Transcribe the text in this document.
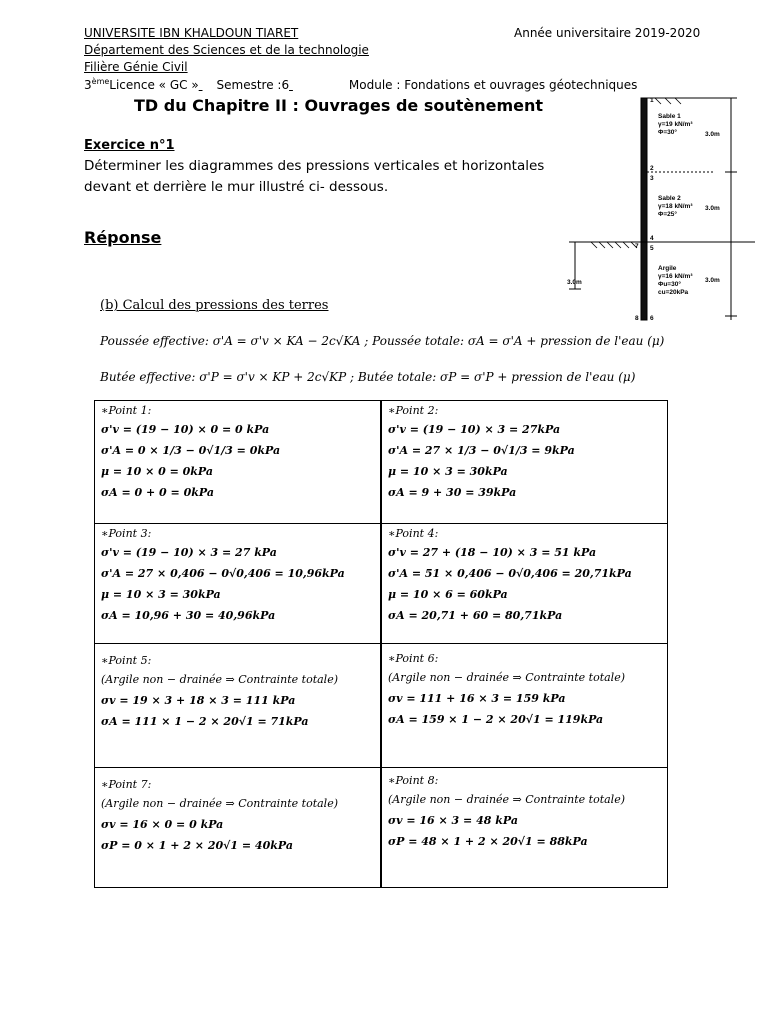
UNIVERSITE IBN KHALDOUN TIARET	Année universitaire 2019-2020
Département des Sciences et de la technologie
Filière Génie Civil
3èmeLicence « GC » Semestre :6	Module : Fondations et ouvrages géotechniques
TD du Chapitre II : Ouvrages de soutènement
Exercice n°1
Déterminer les diagrammes des pressions verticales et horizontales devant et derrière le mur illustré ci- dessous.
Réponse
Sable 1
γ=19 kN/m³
Φ=30°	3.0m
Sable 2
γ=18 kN/m³
Φ=25°
3.0m
Argile
γ=16 kN/m³
Φu=30°
cu=20kPa
3.0m
3.0m
1
2
3
4
5
6
7
8
(b) Calcul des pressions des terres
Poussée effective: σ'A = σ'v × KA − 2c√KA ; Poussée totale: σA = σ'A + pression de l'eau (μ)
Butée effective: σ'P = σ'v × KP + 2c√KP ; Butée totale: σP = σ'P + pression de l'eau (μ)
∗Point 1:
σ'v = (19 − 10) × 0 = 0 kPa
σ'A = 0 × 1/3 − 0√1/3 = 0kPa
μ = 10 × 0 = 0kPa
σA = 0 + 0 = 0kPa
∗Point 2:
σ'v = (19 − 10) × 3 = 27kPa
σ'A = 27 × 1/3 − 0√1/3 = 9kPa
μ = 10 × 3 = 30kPa
σA = 9 + 30 = 39kPa
∗Point 3:
σ'v = (19 − 10) × 3 = 27 kPa
σ'A = 27 × 0,406 − 0√0,406 = 10,96kPa
μ = 10 × 3 = 30kPa
σA = 10,96 + 30 = 40,96kPa
∗Point 4:
σ'v = 27 + (18 − 10) × 3 = 51 kPa
σ'A = 51 × 0,406 − 0√0,406 = 20,71kPa
μ = 10 × 6 = 60kPa
σA = 20,71 + 60 = 80,71kPa
∗Point 5:
(Argile non − drainée ⇒ Contrainte totale)
σv = 19 × 3 + 18 × 3 = 111 kPa
σA = 111 × 1 − 2 × 20√1 = 71kPa
∗Point 6:
(Argile non − drainée ⇒ Contrainte totale)
σv = 111 + 16 × 3 = 159 kPa
σA = 159 × 1 − 2 × 20√1 = 119kPa
∗Point 7:
(Argile non − drainée ⇒ Contrainte totale)
σv = 16 × 0 = 0 kPa
σP = 0 × 1 + 2 × 20√1 = 40kPa
∗Point 8:
(Argile non − drainée ⇒ Contrainte totale)
σv = 16 × 3 = 48 kPa
σP = 48 × 1 + 2 × 20√1 = 88kPa
